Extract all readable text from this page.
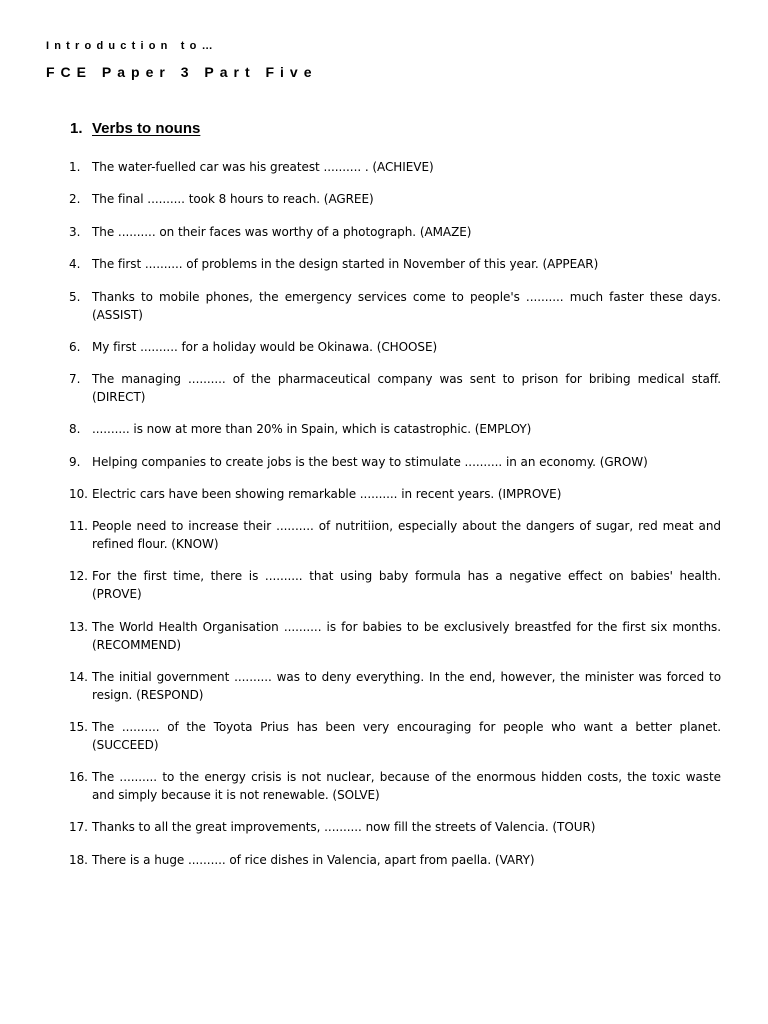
Introduction to…
FCE Paper 3 Part Five
1. Verbs to nouns
1. The water-fuelled car was his greatest .......... . (ACHIEVE)
2. The final .......... took 8 hours to reach. (AGREE)
3. The .......... on their faces was worthy of a photograph. (AMAZE)
4. The first .......... of problems in the design started in November of this year. (APPEAR)
5. Thanks to mobile phones, the emergency services come to people's .......... much faster these days. (ASSIST)
6. My first .......... for a holiday would be Okinawa. (CHOOSE)
7. The managing .......... of the pharmaceutical company was sent to prison for bribing medical staff. (DIRECT)
8. .......... is now at more than 20% in Spain, which is catastrophic. (EMPLOY)
9. Helping companies to create jobs is the best way to stimulate .......... in an economy. (GROW)
10. Electric cars have been showing remarkable .......... in recent years. (IMPROVE)
11. People need to increase their .......... of nutritiion, especially about the dangers of sugar, red meat and refined flour. (KNOW)
12. For the first time, there is .......... that using baby formula has a negative effect on babies' health. (PROVE)
13. The World Health Organisation .......... is for babies to be exclusively breastfed for the first six months. (RECOMMEND)
14. The initial government .......... was to deny everything. In the end, however, the minister was forced to resign. (RESPOND)
15. The .......... of the Toyota Prius has been very encouraging for people who want a better planet. (SUCCEED)
16. The .......... to the energy crisis is not nuclear, because of the enormous hidden costs, the toxic waste and simply because it is not renewable. (SOLVE)
17. Thanks to all the great improvements, .......... now fill the streets of Valencia. (TOUR)
18. There is a huge .......... of rice dishes in Valencia, apart from paella. (VARY)
